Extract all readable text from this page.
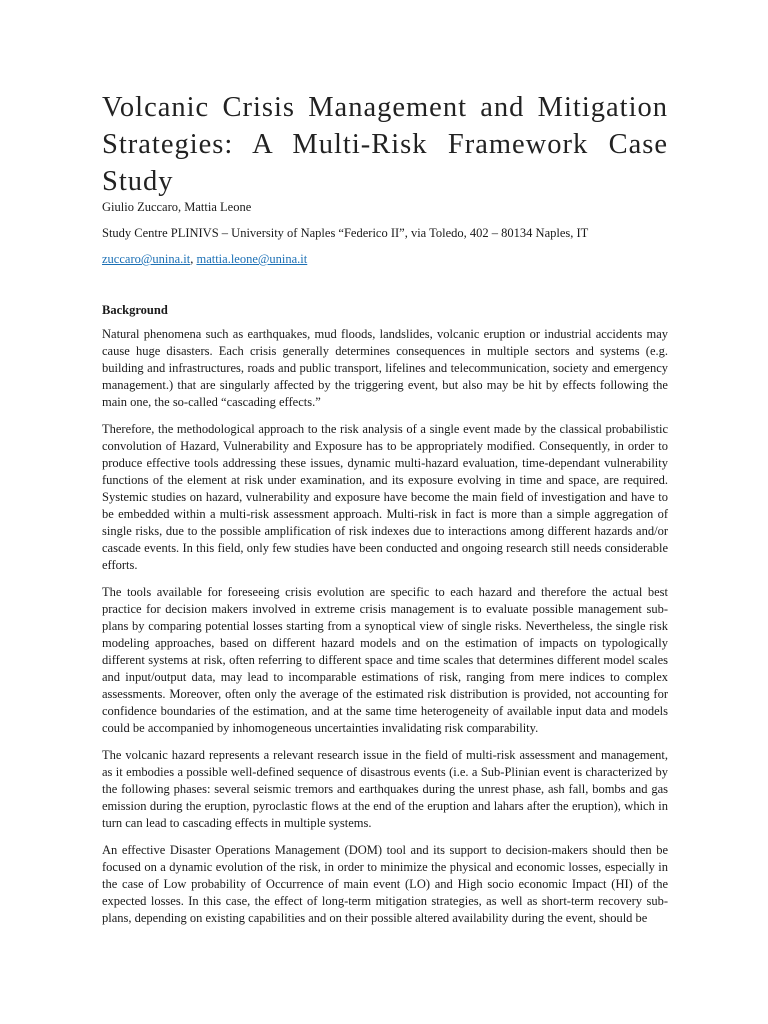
Volcanic Crisis Management and Mitigation Strategies: A Multi-Risk Framework Case Study

Giulio Zuccaro, Mattia Leone

Study Centre PLINIVS – University of Naples “Federico II”, via Toledo, 402 – 80134 Naples, IT

zuccaro@unina.it, mattia.leone@unina.it

Background

Natural phenomena such as earthquakes, mud floods, landslides, volcanic eruption or industrial accidents may cause huge disasters. Each crisis generally determines consequences in multiple sectors and systems (e.g. building and infrastructures, roads and public transport, lifelines and telecommunication, society and emergency management.) that are singularly affected by the triggering event, but also may be hit by effects following the main one, the so-called “cascading effects.”

Therefore, the methodological approach to the risk analysis of a single event made by the classical probabilistic convolution of Hazard, Vulnerability and Exposure has to be appropriately modified. Consequently, in order to produce effective tools addressing these issues, dynamic multi-hazard evaluation, time-dependant vulnerability functions of the element at risk under examination, and its exposure evolving in time and space, are required. Systemic studies on hazard, vulnerability and exposure have become the main field of investigation and have to be embedded within a multi-risk assessment approach. Multi-risk in fact is more than a simple aggregation of single risks, due to the possible amplification of risk indexes due to interactions among different hazards and/or cascade events. In this field, only few studies have been conducted and ongoing research still needs considerable efforts.

The tools available for foreseeing crisis evolution are specific to each hazard and therefore the actual best practice for decision makers involved in extreme crisis management is to evaluate possible management sub-plans by comparing potential losses starting from a synoptical view of single risks. Nevertheless, the single risk modeling approaches, based on different hazard models and on the estimation of impacts on typologically different systems at risk, often referring to different space and time scales that determines different model scales and input/output data, may lead to incomparable estimations of risk, ranging from mere indices to complex assessments. Moreover, often only the average of the estimated risk distribution is provided, not accounting for confidence boundaries of the estimation, and at the same time heterogeneity of available input data and models could be accompanied by inhomogeneous uncertainties invalidating risk comparability.

The volcanic hazard represents a relevant research issue in the field of multi-risk assessment and management, as it embodies a possible well-defined sequence of disastrous events (i.e. a Sub-Plinian event is characterized by the following phases: several seismic tremors and earthquakes during the unrest phase, ash fall, bombs and gas emission during the eruption, pyroclastic flows at the end of the eruption and lahars after the eruption), which in turn can lead to cascading effects in multiple systems.

An effective Disaster Operations Management (DOM) tool and its support to decision-makers should then be focused on a dynamic evolution of the risk, in order to minimize the physical and economic losses, especially in the case of Low probability of Occurrence of main event (LO) and High socio economic Impact (HI) of the expected losses. In this case, the effect of long-term mitigation strategies, as well as short-term recovery sub-plans, depending on existing capabilities and on their possible altered availability during the event, should be
